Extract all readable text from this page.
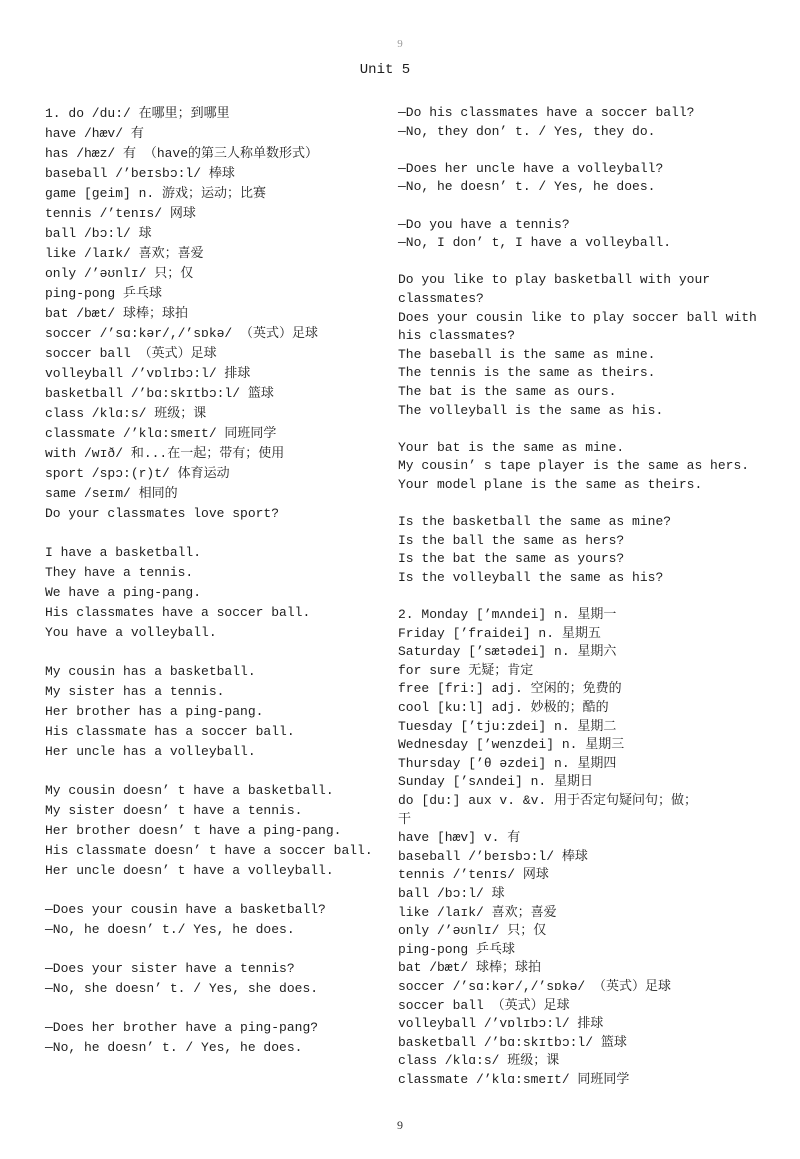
9
Unit 5
1. do /du:/ 在哪里；到哪里
have /hæv/ 有
has /hæz/ 有 （have的第三人称单数形式）
baseball /’beɪsbɔ:l/ 棒球
game [geim] n. 游戏；运动；比赛
tennis /’tenɪs/ 网球
ball /bɔ:l/ 球
like /laɪk/ 喜欢；喜爱
only /’əʊnlɪ/ 只；仅
ping-pong 乒乓球
bat /bæt/ 球棒；球拍
soccer /’sɑ:kər/,/’sɒkə/ （英式）足球
soccer ball （英式）足球
volleyball /’vɒlɪbɔ:l/ 排球
basketball /’bɑ:skɪtbɔ:l/ 篮球
class /klɑ:s/ 班级；课
classmate /’klɑ:smeɪt/ 同班同学
with /wɪð/ 和...在一起；带有；使用
sport /spɔ:(r)t/ 体育运动
same /seɪm/ 相同的
Do your classmates love sport?
I have a basketball.
They have a tennis.
We have a ping-pang.
His classmates have a soccer ball.
You have a volleyball.
My cousin has a basketball.
My sister has a tennis.
Her brother has a ping-pang.
His classmate has a soccer ball.
Her uncle has a volleyball.
My cousin doesn’ t have a basketball.
My sister doesn’ t have a tennis.
Her brother doesn’ t have a ping-pang.
His classmate doesn’ t have a soccer ball.
Her uncle doesn’ t have a volleyball.
—Does your cousin have a basketball?
—No, he doesn’ t./ Yes, he does.
—Does your sister have a tennis?
—No, she doesn’ t. / Yes, she does.
—Does her brother have a ping-pang?
—No, he doesn’ t. / Yes, he does.
—Do his classmates have a soccer ball?
—No, they don’ t. / Yes, they do.
—Does her uncle have a volleyball?
—No, he doesn’ t. / Yes, he does.
—Do you have a tennis?
—No, I don’ t, I have a volleyball.
Do you like to play basketball with your
classmates?
Does your cousin like to play soccer ball with
his classmates?
The baseball is the same as mine.
The tennis is the same as theirs.
The bat is the same as ours.
The volleyball is the same as his.
Your bat is the same as mine.
My cousin’ s tape player is the same as hers.
Your model plane is the same as theirs.
Is the basketball the same as mine?
Is the ball the same as hers?
Is the bat the same as yours?
Is the volleyball the same as his?
2. Monday [’mʌndei] n. 星期一
Friday [’fraidei] n. 星期五
Saturday [’sætədei] n. 星期六
for sure 无疑；肯定
free [fri:] adj. 空闲的；免费的
cool [ku:l] adj. 妙极的；酷的
Tuesday [’tju:zdei] n. 星期二
Wednesday [’wenzdei] n. 星期三
Thursday [’θ əzdei] n. 星期四
Sunday [’sʌndei] n. 星期日
do [du:] aux v. &v. 用于否定句疑问句；做；
干
have [hæv] v. 有
baseball /’beɪsbɔ:l/ 棒球
tennis /’tenɪs/ 网球
ball /bɔ:l/ 球
like /laɪk/ 喜欢；喜爱
only /’əʊnlɪ/ 只；仅
ping-pong 乒乓球
bat /bæt/ 球棒；球拍
soccer /’sɑ:kər/,/’sɒkə/ （英式）足球
soccer ball （英式）足球
volleyball /’vɒlɪbɔ:l/ 排球
basketball /’bɑ:skɪtbɔ:l/ 篮球
class /klɑ:s/ 班级；课
classmate /’klɑ:smeɪt/ 同班同学
9
